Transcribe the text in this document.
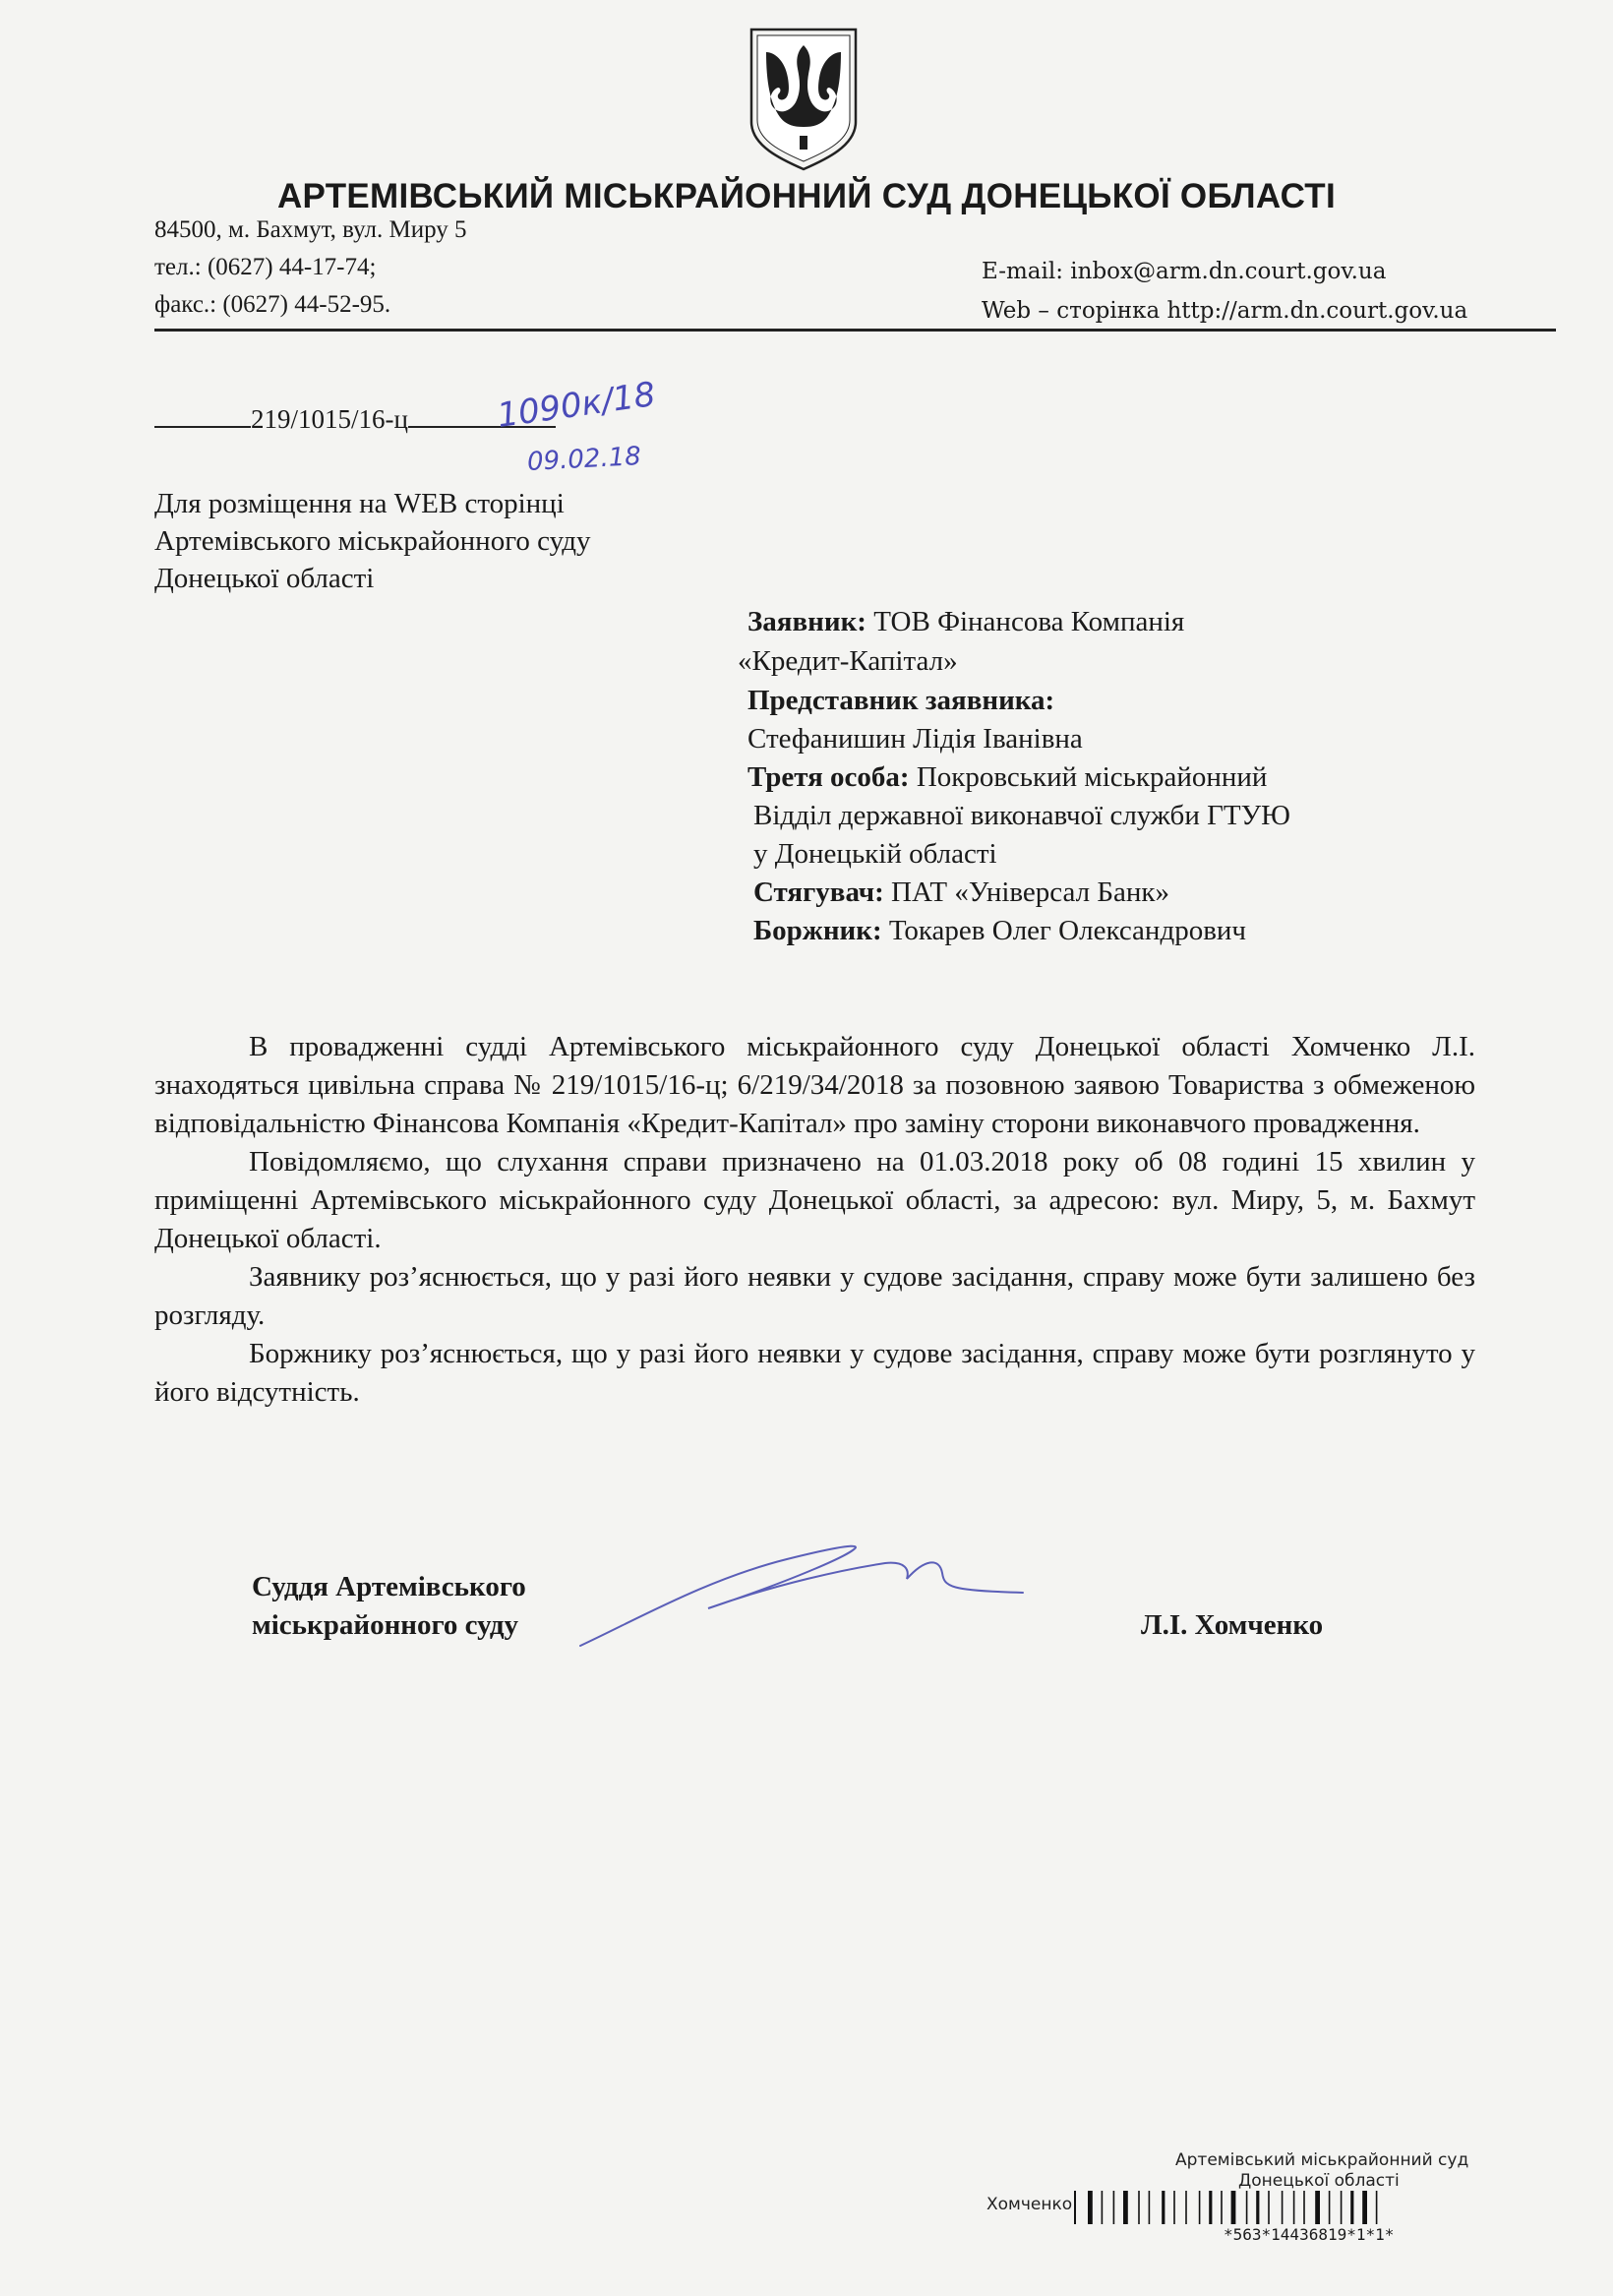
АРТЕМІВСЬКИЙ МІСЬКРАЙОННИЙ СУД ДОНЕЦЬКОЇ ОБЛАСТІ
84500, м. Бахмут, вул. Миру 5
тел.: (0627) 44-17-74;
факс.: (0627) 44-52-95.
E-mail: inbox@arm.dn.court.gov.ua
Web – сторінка http://arm.dn.court.gov.ua
219/1015/16-ц	1090к/18
09.02.18
Для розміщення на WEB сторінці
Артемівського міськрайонного суду
Донецької області
Заявник: ТОВ Фінансова Компанія
«Кредит-Капітал»
Представник заявника:
Стефанишин Лідія Іванівна
Третя особа: Покровський міськрайонний
Відділ державної виконавчої служби ГТУЮ
у Донецькій області
Стягувач: ПАТ «Універсал Банк»
Боржник: Токарев Олег Олександрович

В провадженні судді Артемівського міськрайонного суду Донецької області Хомченко Л.І. знаходяться цивільна справа № 219/1015/16-ц; 6/219/34/2018 за позовною заявою Товариства з обмеженою відповідальністю Фінансова Компанія «Кредит-Капітал» про заміну сторони виконавчого провадження.

Повідомляємо, що слухання справи призначено на 01.03.2018 року об 08 годині 15 хвилин у приміщенні Артемівського міськрайонного суду Донецької області, за адресою: вул. Миру, 5, м. Бахмут Донецької області.

Заявнику роз’яснюється, що у разі його неявки у судове засідання, справу може бути залишено без розгляду.

Боржнику роз’яснюється, що у разі його неявки у судове засідання, справу може бути розглянуто у його відсутність.

Суддя Артемівського
міськрайонного суду	Л.І. Хомченко
Артемівський міськрайонний суд
Донецької області
Хомченко
*563*14436819*1*1*
